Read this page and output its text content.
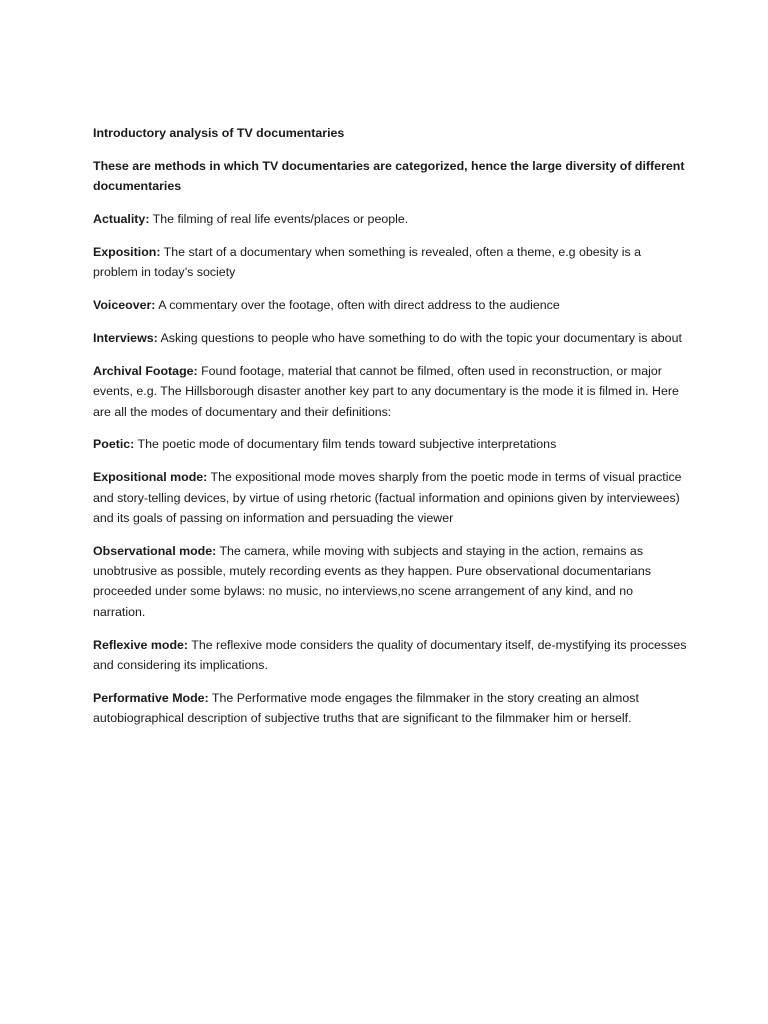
Introductory analysis of TV documentaries

These are methods in which TV documentaries are categorized, hence the large diversity of different documentaries

Actuality: The filming of real life events/places or people.

Exposition: The start of a documentary when something is revealed, often a theme, e.g obesity is a problem in today’s society

Voiceover: A commentary over the footage, often with direct address to the audience

Interviews: Asking questions to people who have something to do with the topic your documentary is about

Archival Footage: Found footage, material that cannot be filmed, often used in reconstruction, or major events, e.g. The Hillsborough disaster another key part to any documentary is the mode it is filmed in. Here are all the modes of documentary and their definitions:

Poetic: The poetic mode of documentary film tends toward subjective interpretations

Expositional mode: The expositional mode moves sharply from the poetic mode in terms of visual practice and story-telling devices, by virtue of using rhetoric (factual information and opinions given by interviewees) and its goals of passing on information and persuading the viewer

Observational mode: The camera, while moving with subjects and staying in the action, remains as unobtrusive as possible, mutely recording events as they happen. Pure observational documentarians proceeded under some bylaws: no music, no interviews,no scene arrangement of any kind, and no narration.

Reflexive mode: The reflexive mode considers the quality of documentary itself, de-mystifying its processes and considering its implications.

Performative Mode: The Performative mode engages the filmmaker in the story creating an almost autobiographical description of subjective truths that are significant to the filmmaker him or herself.
